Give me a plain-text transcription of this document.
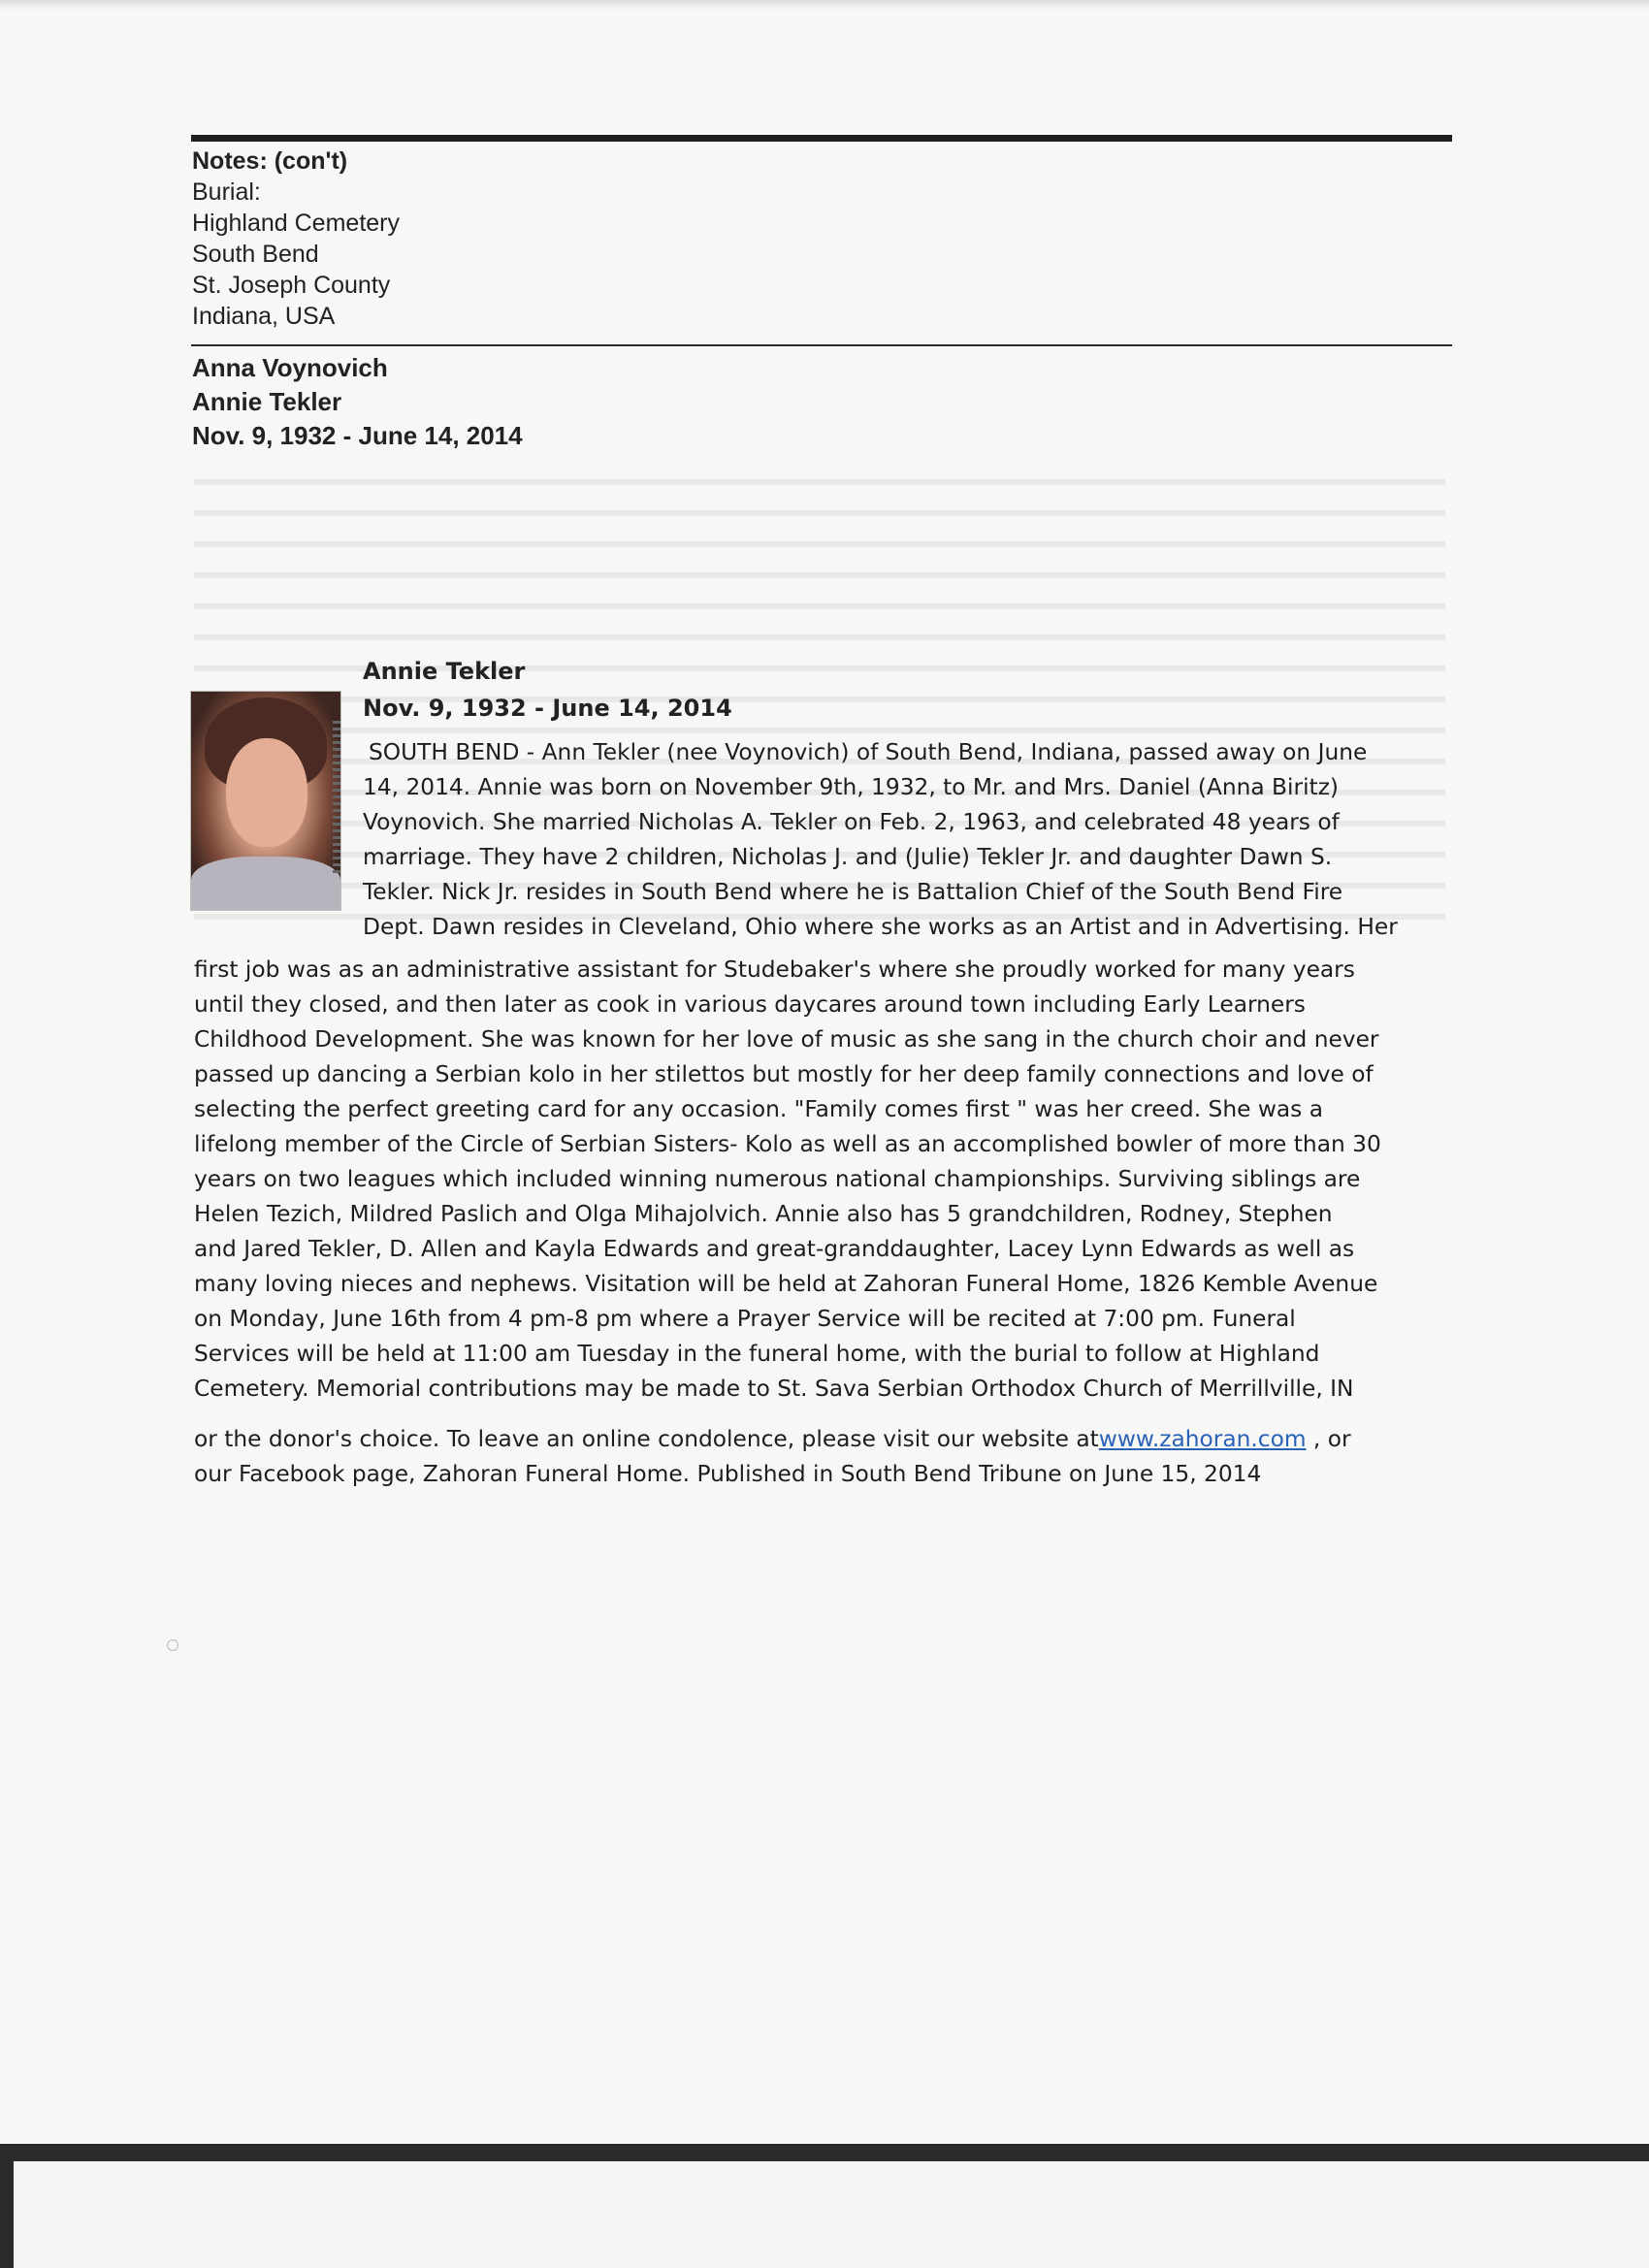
Notes: (con't)
Burial:
Highland Cemetery
South Bend
St. Joseph County
Indiana, USA
Anna Voynovich
Annie Tekler
Nov. 9, 1932 - June 14, 2014
Annie Tekler
Nov. 9, 1932 - June 14, 2014
SOUTH BEND - Ann Tekler (nee Voynovich) of South Bend, Indiana, passed away on June
14, 2014. Annie was born on November 9th, 1932, to Mr. and Mrs. Daniel (Anna Biritz)
Voynovich. She married Nicholas A. Tekler on Feb. 2, 1963, and celebrated 48 years of
marriage. They have 2 children, Nicholas J. and (Julie) Tekler Jr. and daughter Dawn S.
Tekler. Nick Jr. resides in South Bend where he is Battalion Chief of the South Bend Fire
Dept. Dawn resides in Cleveland, Ohio where she works as an Artist and in Advertising. Her
first job was as an administrative assistant for Studebaker's where she proudly worked for many years
until they closed, and then later as cook in various daycares around town including Early Learners
Childhood Development. She was known for her love of music as she sang in the church choir and never
passed up dancing a Serbian kolo in her stilettos but mostly for her deep family connections and love of
selecting the perfect greeting card for any occasion. "Family comes first " was her creed. She was a
lifelong member of the Circle of Serbian Sisters- Kolo as well as an accomplished bowler of more than 30
years on two leagues which included winning numerous national championships. Surviving siblings are
Helen Tezich, Mildred Paslich and Olga Mihajolvich. Annie also has 5 grandchildren, Rodney, Stephen
and Jared Tekler, D. Allen and Kayla Edwards and great-granddaughter, Lacey Lynn Edwards as well as
many loving nieces and nephews. Visitation will be held at Zahoran Funeral Home, 1826 Kemble Avenue
on Monday, June 16th from 4 pm-8 pm where a Prayer Service will be recited at 7:00 pm. Funeral
Services will be held at 11:00 am Tuesday in the funeral home, with the burial to follow at Highland
Cemetery. Memorial contributions may be made to St. Sava Serbian Orthodox Church of Merrillville, IN
or the donor's choice. To leave an online condolence, please visit our website atwww.zahoran.com , or
our Facebook page, Zahoran Funeral Home. Published in South Bend Tribune on June 15, 2014
